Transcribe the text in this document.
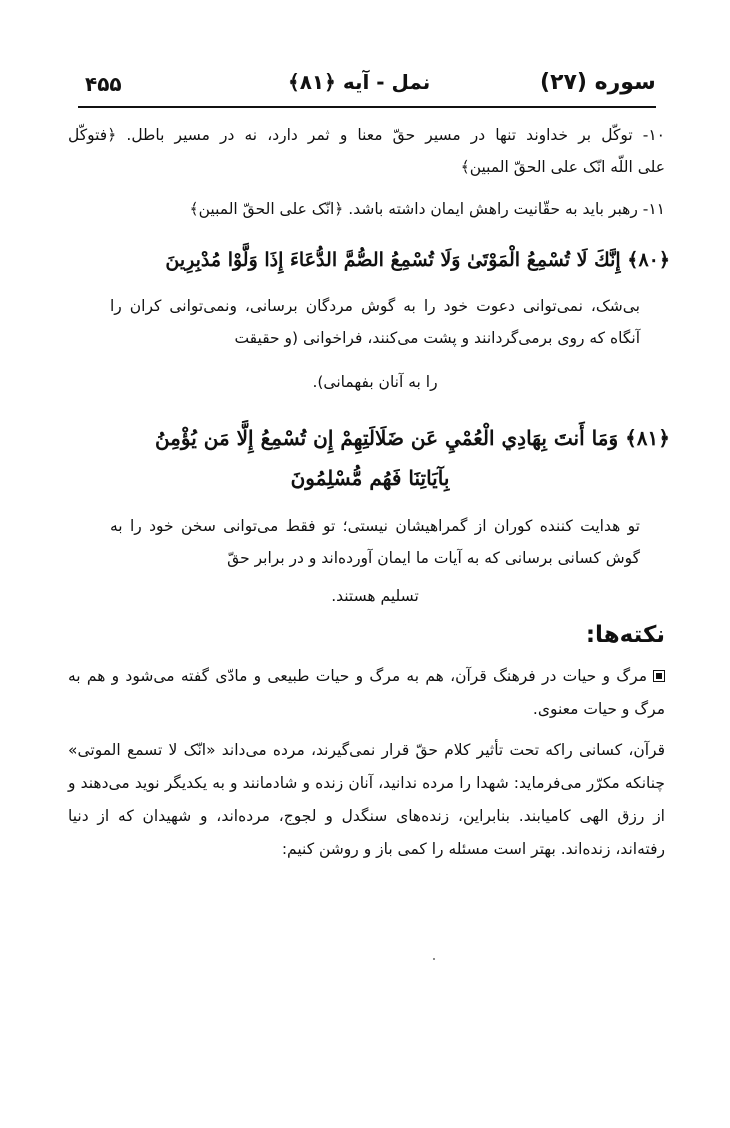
سوره (۲۷)
نمل - آیه ﴿۸۱﴾
۴۵۵
۱۰- توکّل بر خداوند تنها در مسیر حقّ معنا و ثمر دارد، نه در مسیر باطل. ﴿فتوکّل
علی اللّه انّک علی الحقّ المبین﴾
۱۱- رهبر باید به حقّانیت راهش ایمان داشته باشد. ﴿انّک علی الحقّ المبین﴾
﴿۸۰﴾ إِنَّكَ لَا تُسْمِعُ الْمَوْتَىٰ وَلَا تُسْمِعُ الصُّمَّ الدُّعَاءَ إِذَا وَلَّوْا مُدْبِرِينَ
بی‌شک، نمی‌توانی دعوت خود را به گوش مردگان برسانی، ونمی‌توانی کران را آنگاه که روی برمی‌گردانند و پشت می‌کنند، فراخوانی (و حقیقت
را به آنان بفهمانی).
﴿۸۱﴾ وَمَا أَنتَ بِهَادِي الْعُمْيِ عَن ضَلَالَتِهِمْ إِن تُسْمِعُ إِلَّا مَن يُؤْمِنُ
بِآيَاتِنَا فَهُم مُّسْلِمُونَ
تو هدایت کننده کوران از گمراهیشان نیستی؛ تو فقط می‌توانی سخن خود را به گوش کسانی برسانی که به آیات ما ایمان آورده‌اند و در برابر حقّ
تسلیم هستند.
نکته‌ها:
مرگ و حیات در فرهنگ قرآن، هم به مرگ و حیات طبیعی و مادّی گفته می‌شود و هم به مرگ و حیات معنوی.
قرآن، کسانی راکه تحت تأثیر کلام حقّ قرار نمی‌گیرند، مرده می‌داند «انّک لا تسمع الموتی» چنانکه مکرّر می‌فرماید: شهدا را مرده ندانید، آنان زنده و شادمانند و به یکدیگر نوید می‌دهند و از رزق الهی کامیابند. بنابراین، زنده‌های سنگدل و لجوج، مرده‌اند، و شهیدان که از دنیا رفته‌اند، زنده‌اند. بهتر است مسئله را کمی باز و روشن کنیم:
